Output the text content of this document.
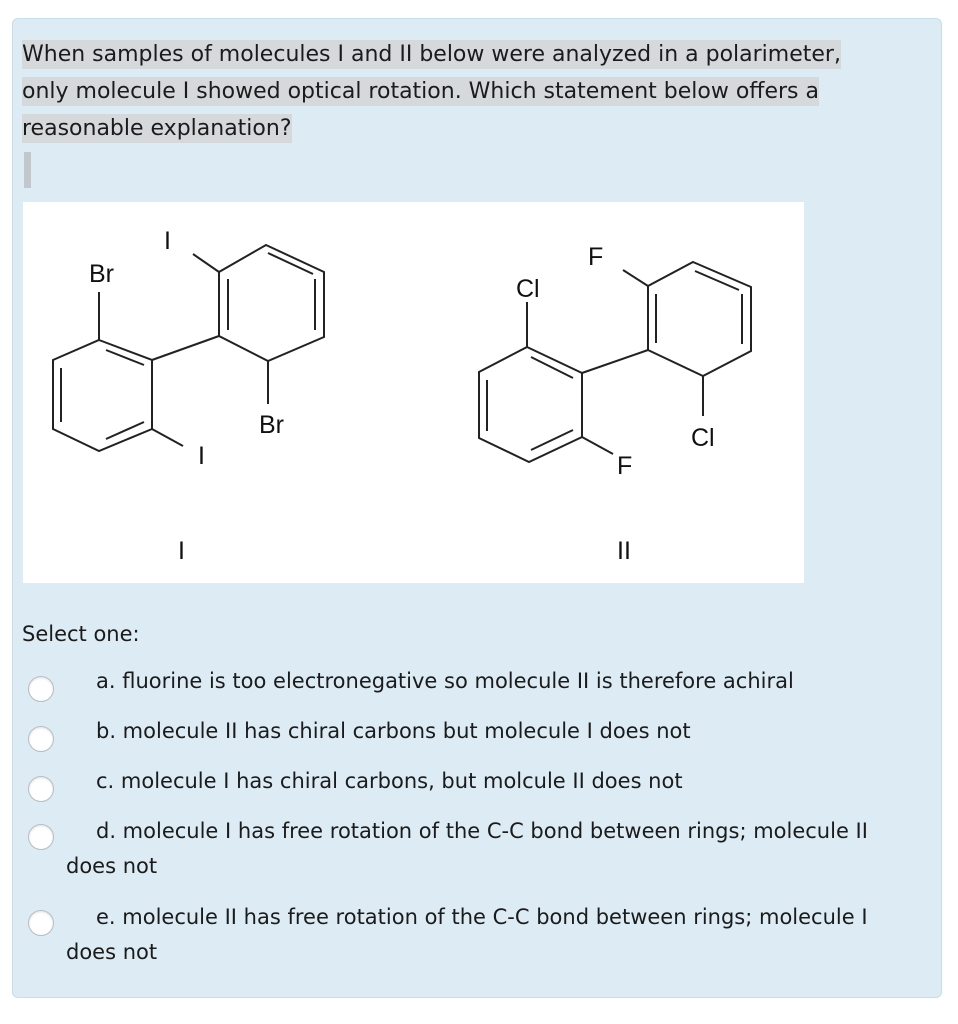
When samples of molecules I and II below were analyzed in a polarimeter,
only molecule I showed optical rotation. Which statement below offers a
reasonable explanation?
Br
I
I
Br
I
Cl
F
F
Cl
II
Select one:
a. fluorine is too electronegative so molecule II is therefore achiral
b. molecule II has chiral carbons but molecule I does not
c. molecule I has chiral carbons, but molcule II does not
d. molecule I has free rotation of the C-C bond between rings; molecule II does not
e. molecule II has free rotation of the C-C bond between rings; molecule I does not
